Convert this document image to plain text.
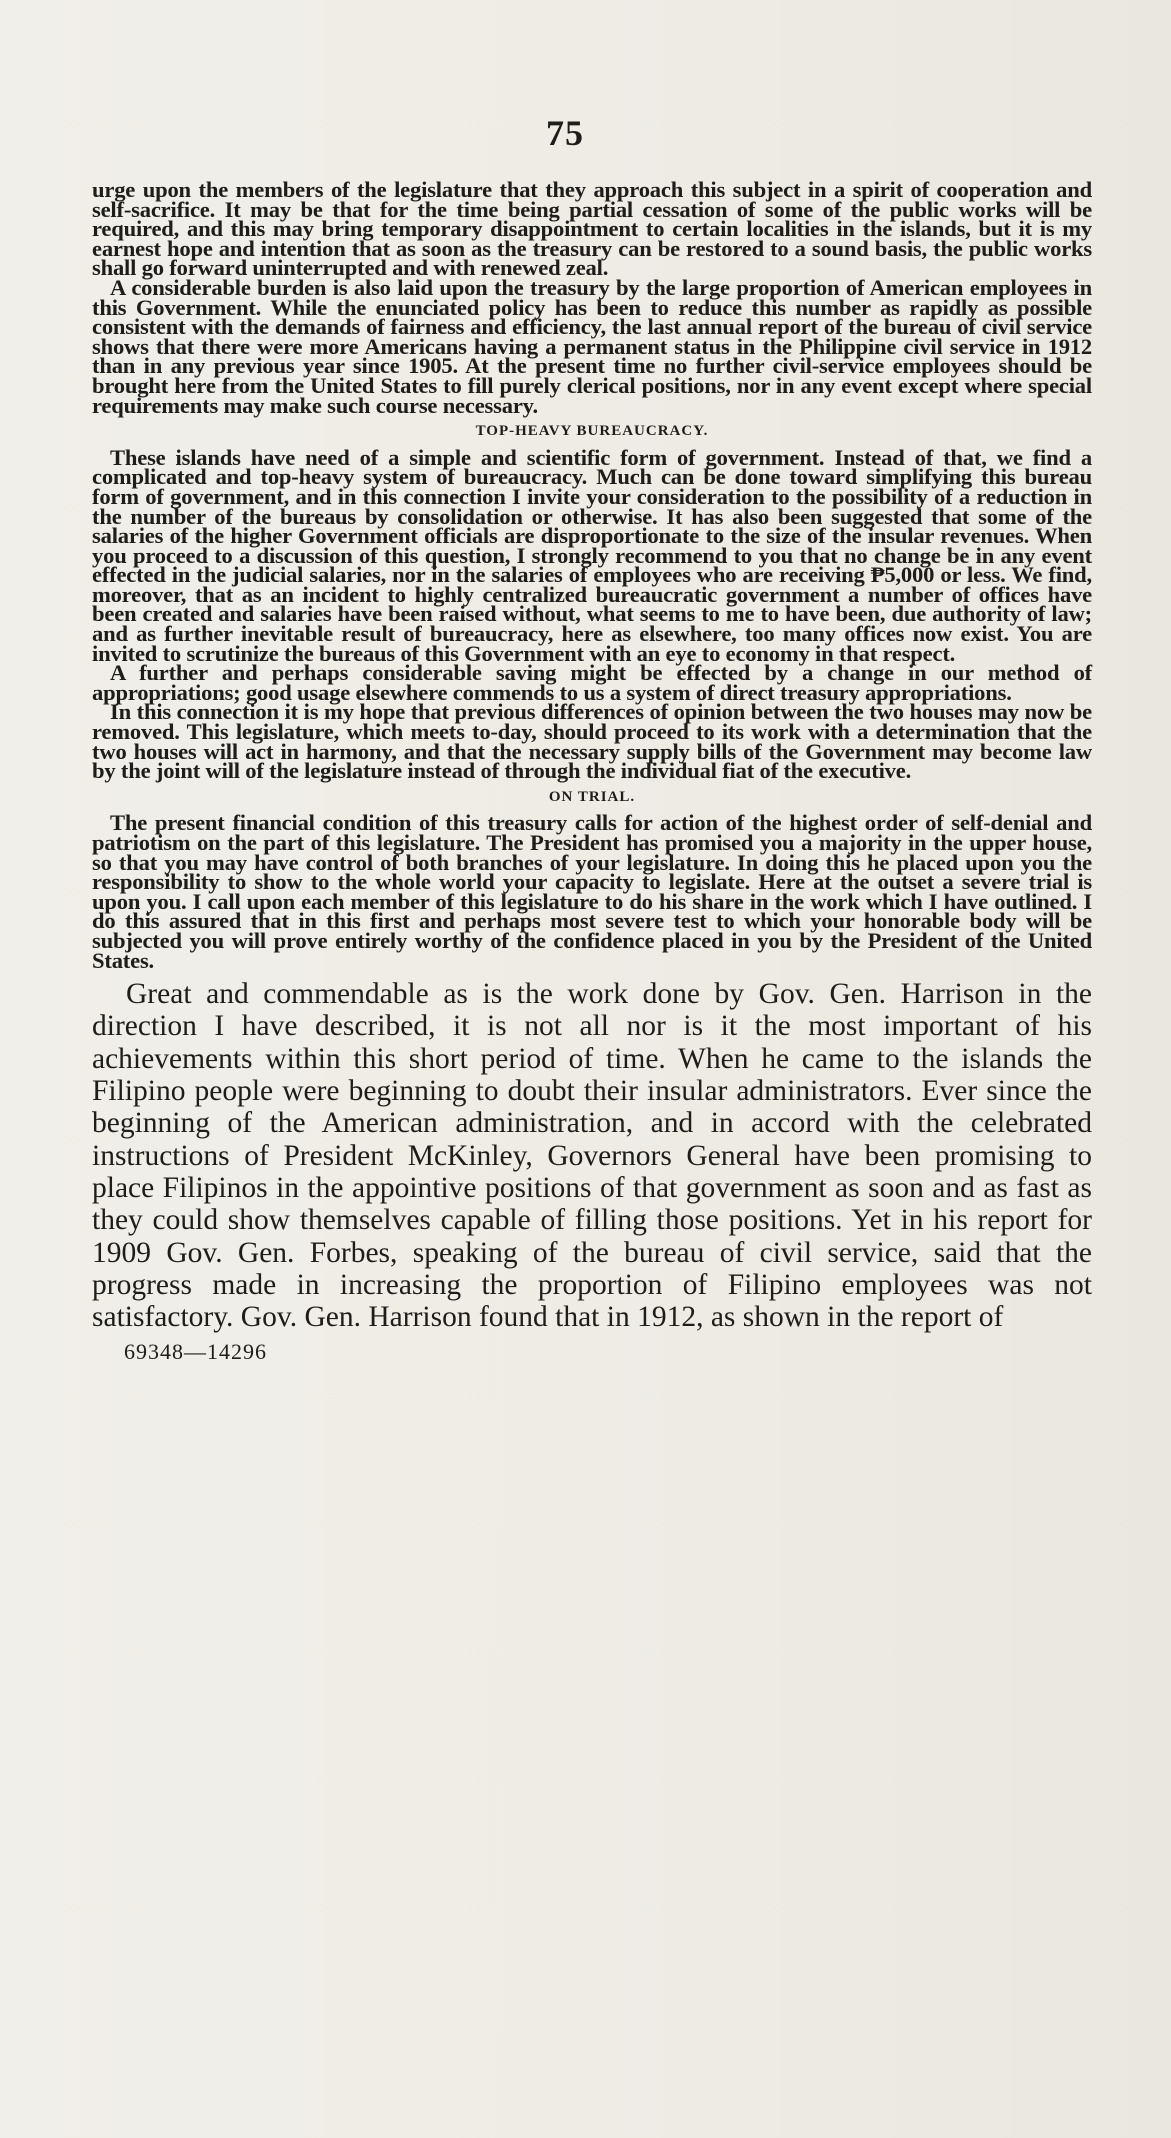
75

urge upon the members of the legislature that they approach this subject in a spirit of cooperation and self-sacrifice. It may be that for the time being partial cessation of some of the public works will be required, and this may bring temporary disappointment to certain localities in the islands, but it is my earnest hope and intention that as soon as the treasury can be restored to a sound basis, the public works shall go forward uninterrupted and with renewed zeal.

A considerable burden is also laid upon the treasury by the large proportion of American employees in this Government. While the enunciated policy has been to reduce this number as rapidly as possible consistent with the demands of fairness and efficiency, the last annual report of the bureau of civil service shows that there were more Americans having a permanent status in the Philippine civil service in 1912 than in any previous year since 1905. At the present time no further civil-service employees should be brought here from the United States to fill purely clerical positions, nor in any event except where special requirements may make such course necessary.

TOP-HEAVY BUREAUCRACY.

These islands have need of a simple and scientific form of government. Instead of that, we find a complicated and top-heavy system of bureaucracy. Much can be done toward simplifying this bureau form of government, and in this connection I invite your consideration to the possibility of a reduction in the number of the bureaus by consolidation or otherwise. It has also been suggested that some of the salaries of the higher Government officials are disproportionate to the size of the insular revenues. When you proceed to a discussion of this question, I strongly recommend to you that no change be in any event effected in the judicial salaries, nor in the salaries of employees who are receiving ₱5,000 or less. We find, moreover, that as an incident to highly centralized bureaucratic government a number of offices have been created and salaries have been raised without, what seems to me to have been, due authority of law; and as further inevitable result of bureaucracy, here as elsewhere, too many offices now exist. You are invited to scrutinize the bureaus of this Government with an eye to economy in that respect.

A further and perhaps considerable saving might be effected by a change in our method of appropriations; good usage elsewhere commends to us a system of direct treasury appropriations.

In this connection it is my hope that previous differences of opinion between the two houses may now be removed. This legislature, which meets to-day, should proceed to its work with a determination that the two houses will act in harmony, and that the necessary supply bills of the Government may become law by the joint will of the legislature instead of through the individual fiat of the executive.

ON TRIAL.

The present financial condition of this treasury calls for action of the highest order of self-denial and patriotism on the part of this legislature. The President has promised you a majority in the upper house, so that you may have control of both branches of your legislature. In doing this he placed upon you the responsibility to show to the whole world your capacity to legislate. Here at the outset a severe trial is upon you. I call upon each member of this legislature to do his share in the work which I have outlined. I do this assured that in this first and perhaps most severe test to which your honorable body will be subjected you will prove entirely worthy of the confidence placed in you by the President of the United States.

Great and commendable as is the work done by Gov. Gen. Harrison in the direction I have described, it is not all nor is it the most important of his achievements within this short period of time. When he came to the islands the Filipino people were beginning to doubt their insular administrators. Ever since the beginning of the American administration, and in accord with the celebrated instructions of President McKinley, Governors General have been promising to place Filipinos in the appointive positions of that government as soon and as fast as they could show themselves capable of filling those positions. Yet in his report for 1909 Gov. Gen. Forbes, speaking of the bureau of civil service, said that the progress made in increasing the proportion of Filipino employees was not satisfactory. Gov. Gen. Harrison found that in 1912, as shown in the report of

69348—14296
